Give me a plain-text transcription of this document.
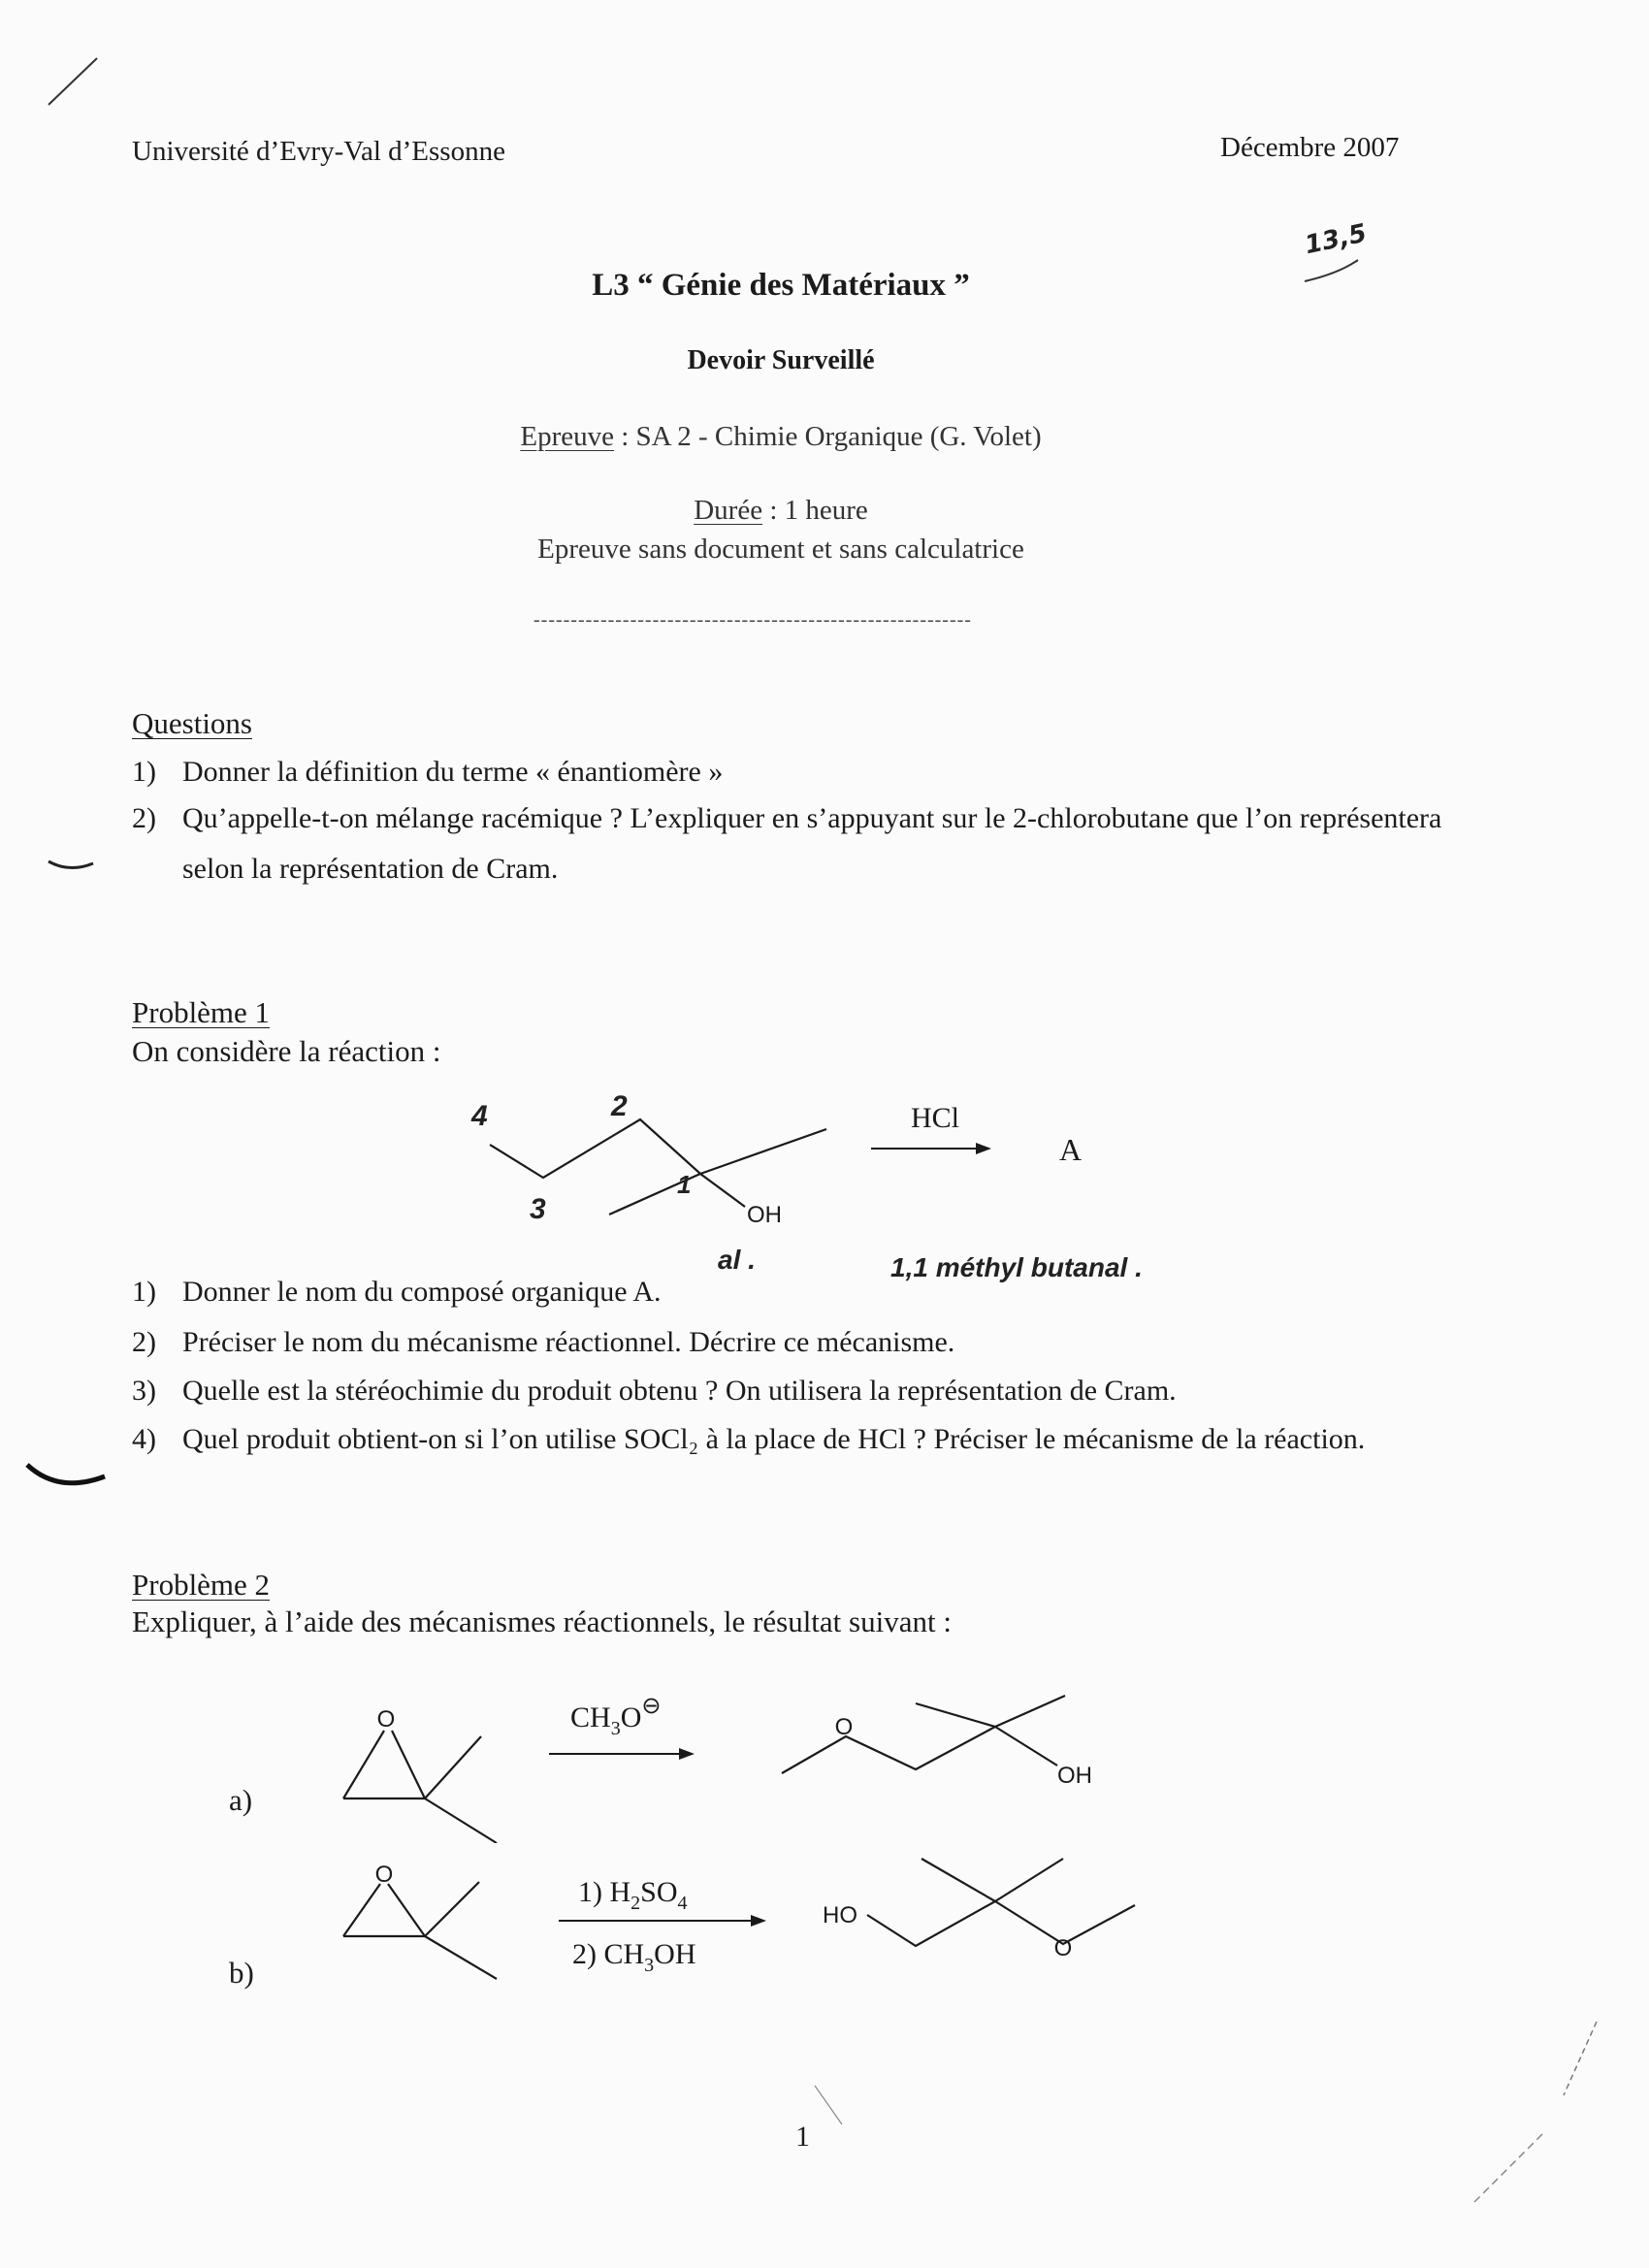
Université d’Evry-Val d’Essonne	Décembre 2007
13,5
L3 “ Génie des Matériaux ”
Devoir Surveillé
Epreuve : SA 2 - Chimie Organique (G. Volet)
Durée : 1 heure
Epreuve sans document et sans calculatrice
-----------------------------------------------------------
Questions
1) Donner la définition du terme « énantiomère »
2) Qu’appelle-t-on mélange racémique ? L’expliquer en s’appuyant sur le 2-chlorobutane que l’on représentera selon la représentation de Cram.
Problème 1
On considère la réaction :
OH
4	2
3
1
HCl
A
al .	1,1 méthyl butanal .
1) Donner le nom du composé organique A.
2) Préciser le nom du mécanisme réactionnel. Décrire ce mécanisme.
3) Quelle est la stéréochimie du produit obtenu ? On utilisera la représentation de Cram.
4) Quel produit obtient-on si l’on utilise SOCl₂ à la place de HCl ? Préciser le mécanisme de la réaction.
Problème 2
Expliquer, à l’aide des mécanismes réactionnels, le résultat suivant :
a)
O	$CH_3O^⊖$
O
OH
b)
O
1) $H_2SO_4$
2) $CH_3OH$
HO
O
1
